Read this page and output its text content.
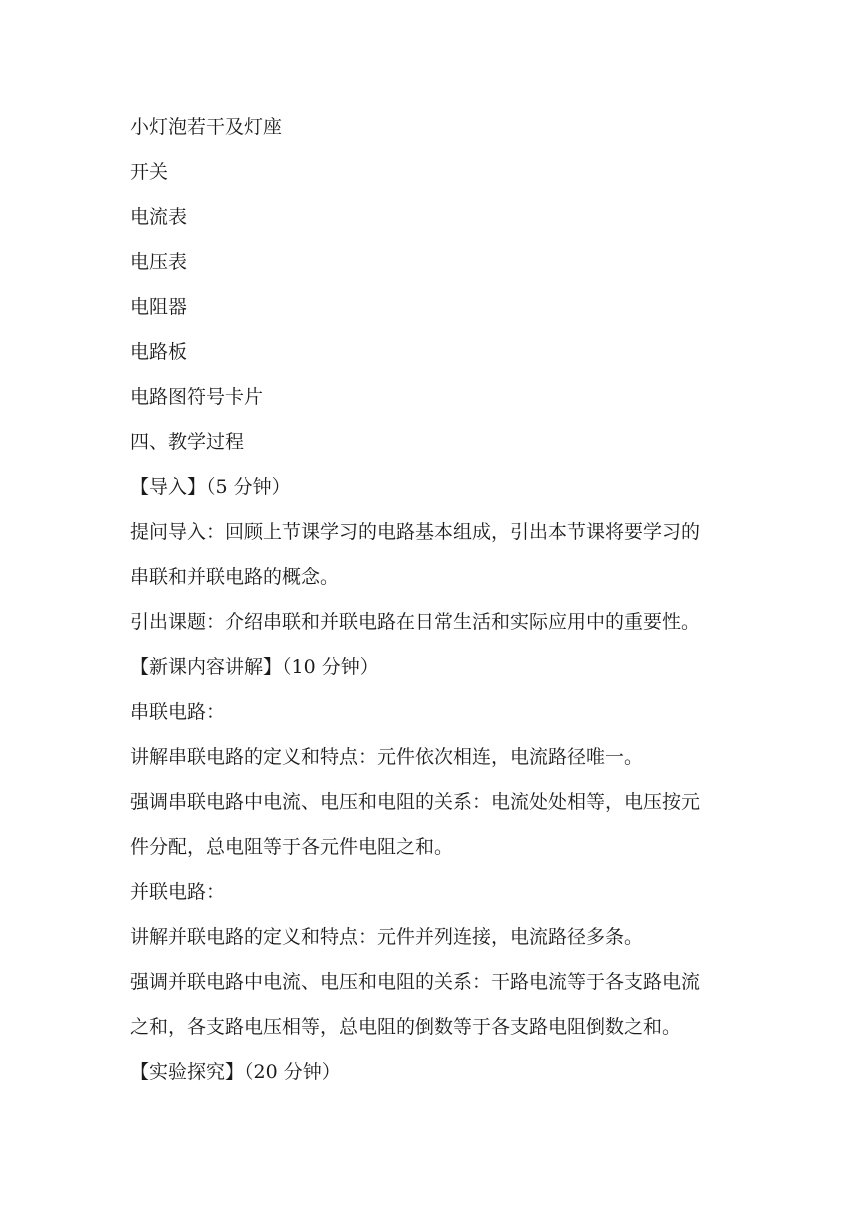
小灯泡若干及灯座

开关

电流表

电压表

电阻器

电路板

电路图符号卡片

四、教学过程

【导入】（5 分钟）

提问导入：回顾上节课学习的电路基本组成，引出本节课将要学习的

串联和并联电路的概念。

引出课题：介绍串联和并联电路在日常生活和实际应用中的重要性。

【新课内容讲解】（10 分钟）

串联电路：

讲解串联电路的定义和特点：元件依次相连，电流路径唯一。

强调串联电路中电流、电压和电阻的关系：电流处处相等，电压按元

件分配，总电阻等于各元件电阻之和。

并联电路：

讲解并联电路的定义和特点：元件并列连接，电流路径多条。

强调并联电路中电流、电压和电阻的关系：干路电流等于各支路电流

之和，各支路电压相等，总电阻的倒数等于各支路电阻倒数之和。

【实验探究】（20 分钟）
